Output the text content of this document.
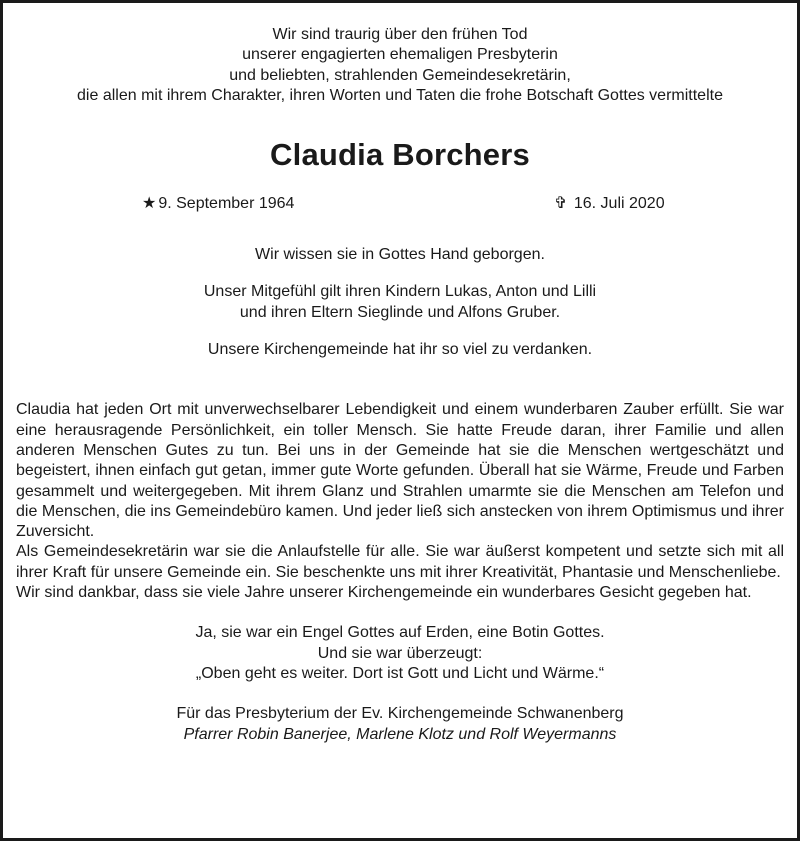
Wir sind traurig über den frühen Tod
unserer engagierten ehemaligen Presbyterin
und beliebten, strahlenden Gemeindesekretärin,
die allen mit ihrem Charakter, ihren Worten und Taten die frohe Botschaft Gottes vermittelte
Claudia Borchers
★ 9. September 1964	✞ 16. Juli 2020
Wir wissen sie in Gottes Hand geborgen.
Unser Mitgefühl gilt ihren Kindern Lukas, Anton und Lilli
und ihren Eltern Sieglinde und Alfons Gruber.
Unsere Kirchengemeinde hat ihr so viel zu verdanken.

Claudia hat jeden Ort mit unverwechselbarer Lebendigkeit und einem wunderbaren Zauber erfüllt. Sie war eine herausragende Persönlichkeit, ein toller Mensch. Sie hatte Freude daran, ihrer Familie und allen anderen Menschen Gutes zu tun. Bei uns in der Gemeinde hat sie die Menschen wertgeschätzt und begeistert, ihnen einfach gut getan, immer gute Worte gefunden. Überall hat sie Wärme, Freude und Farben gesammelt und weitergegeben. Mit ihrem Glanz und Strahlen umarmte sie die Menschen am Telefon und die Menschen, die ins Gemeindebüro kamen. Und jeder ließ sich anstecken von ihrem Optimismus und ihrer Zuversicht.

Als Gemeindesekretärin war sie die Anlaufstelle für alle. Sie war äußerst kompetent und setzte sich mit all ihrer Kraft für unsere Gemeinde ein. Sie beschenkte uns mit ihrer Kreativität, Phantasie und Menschenliebe.

Wir sind dankbar, dass sie viele Jahre unserer Kirchengemeinde ein wunderbares Gesicht gegeben hat.

Ja, sie war ein Engel Gottes auf Erden, eine Botin Gottes.
Und sie war überzeugt:
„Oben geht es weiter. Dort ist Gott und Licht und Wärme.“
Für das Presbyterium der Ev. Kirchengemeinde Schwanenberg
Pfarrer Robin Banerjee, Marlene Klotz und Rolf Weyermanns
